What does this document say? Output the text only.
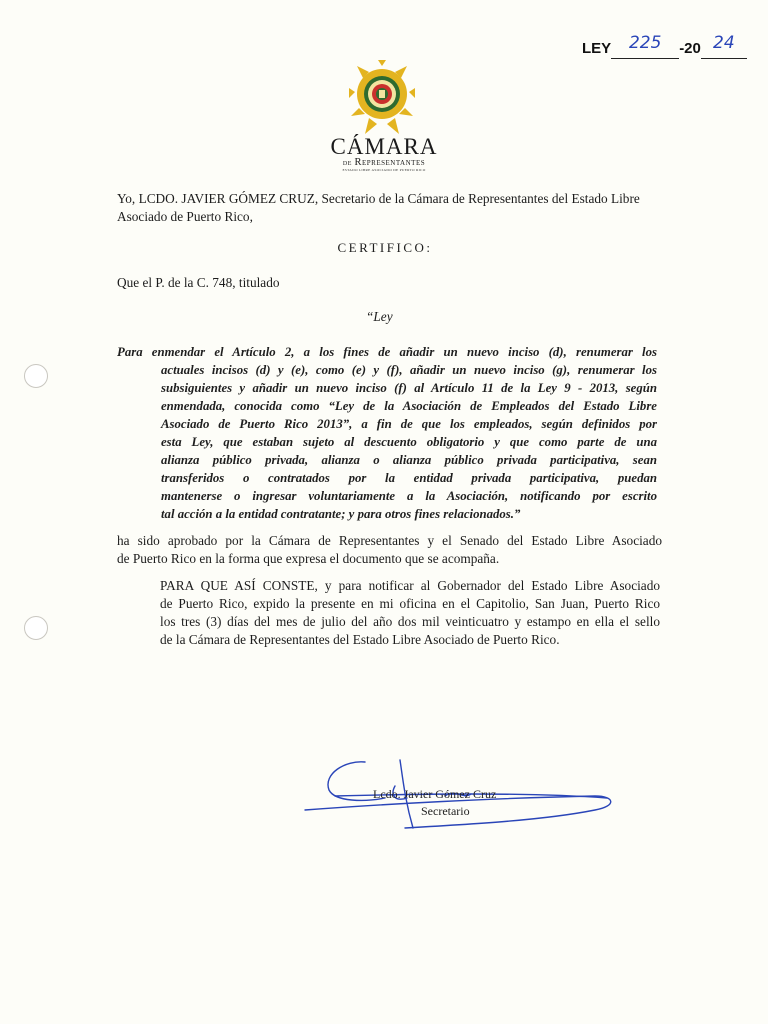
LEY 225 -20 24
CÁMARA
de Representantes
ESTADO LIBRE ASOCIADO DE PUERTO RICO

Yo, LCDO. JAVIER GÓMEZ CRUZ, Secretario de la Cámara de Representantes del Estado Libre Asociado de Puerto Rico,

CERTIFICO:

Que el P. de la C. 748, titulado

“Ley
Para enmendar el Artículo 2, a los fines de añadir un nuevo inciso (d), renumerar los
actuales incisos (d) y (e), como (e) y (f), añadir un nuevo inciso (g), renumerar los
subsiguientes y añadir un nuevo inciso (f) al Artículo 11 de la Ley 9 - 2013, según
enmendada, conocida como “Ley de la Asociación de Empleados del Estado Libre
Asociado de Puerto Rico 2013”, a fin de que los empleados, según definidos por
esta Ley, que estaban sujeto al descuento obligatorio y que como parte de una
alianza público privada, alianza o alianza público privada participativa, sean
transferidos o contratados por la entidad privada participativa, puedan
mantenerse o ingresar voluntariamente a la Asociación, notificando por escrito
tal acción a la entidad contratante; y para otros fines relacionados.”
ha sido aprobado por la Cámara de Representantes y el Senado del Estado Libre Asociado
de Puerto Rico en la forma que expresa el documento que se acompaña.
PARA QUE ASÍ CONSTE, y para notificar al Gobernador del Estado Libre Asociado
de Puerto Rico, expido la presente en mi oficina en el Capitolio, San Juan, Puerto Rico
los tres (3) días del mes de julio del año dos mil veinticuatro y estampo en ella el sello
de la Cámara de Representantes del Estado Libre Asociado de Puerto Rico.
Lcdo. Javier Gómez Cruz
Secretario
